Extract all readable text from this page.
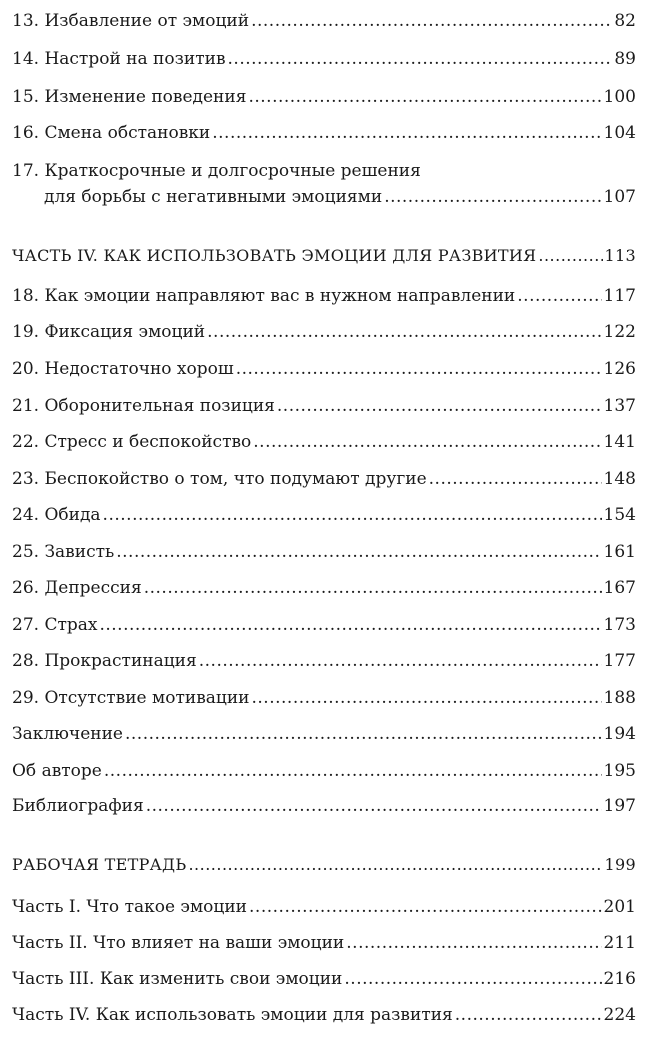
13. Избавление от эмоций .....	82
14. Настрой на позитив .....	89
15. Изменение поведения .....	100
16. Смена обстановки .....	104
17. Краткосрочные и долгосрочные решения
для борьбы с негативными эмоциями .....	107
ЧАСТЬ IV. КАК ИСПОЛЬЗОВАТЬ ЭМОЦИИ ДЛЯ РАЗВИТИЯ .....	113
18. Как эмоции направляют вас в нужном направлении .....	117
19. Фиксация эмоций .....	122
20. Недостаточно хорош .....	126
21. Оборонительная позиция .....	137
22. Стресс и беспокойство .....	141
23. Беспокойство о том, что подумают другие .....	148
24. Обида .....	154
25. Зависть .....	161
26. Депрессия .....	167
27. Страх .....	173
28. Прокрастинация .....	177
29. Отсутствие мотивации .....	188
Заключение .....	194
Об авторе .....	195
Библиография .....	197
РАБОЧАЯ ТЕТРАДЬ .....	199
Часть I. Что такое эмоции .....	201
Часть II. Что влияет на ваши эмоции .....	211
Часть III. Как изменить свои эмоции .....	216
Часть IV. Как использовать эмоции для развития .....	224
